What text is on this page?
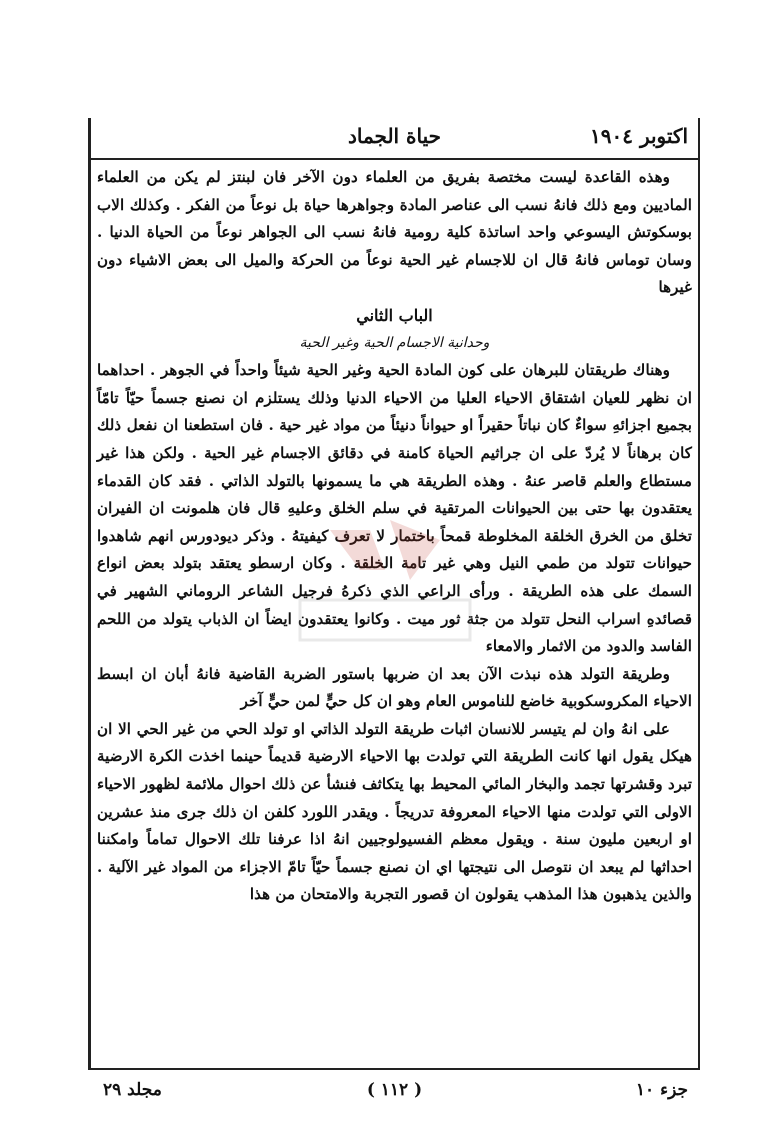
اكتوبر ١٩٠٤
حياة الجماد

وهذه القاعدة ليست مختصة بفريق من العلماء دون الآخر فان لبنتز لم يكن من العلماء الماديين ومع ذلك فانهُ نسب الى عناصر المادة وجواهرها حياة بل نوعاً من الفكر . وكذلك الاب بوسكوتش اليسوعي واحد اساتذة كلية رومية فانهُ نسب الى الجواهر نوعاً من الحياة الدنيا . وسان توماس فانهُ قال ان للاجسام غير الحية نوعاً من الحركة والميل الى بعض الاشياء دون غيرها

الباب الثاني

وحدانية الاجسام الحية وغير الحية

وهناك طريقتان للبرهان على كون المادة الحية وغير الحية شيئاً واحداً في الجوهر . احداهما ان نظهر للعيان اشتقاق الاحياء العليا من الاحياء الدنيا وذلك يستلزم ان نصنع جسماً حيّاً تامّاً بجميع اجزائهِ سواءٌ كان نباتاً حقيراً او حيواناً دنيئاً من مواد غير حية . فان استطعنا ان نفعل ذلك كان برهاناً لا يُردّ على ان جراثيم الحياة كامنة في دقائق الاجسام غير الحية . ولكن هذا غير مستطاع والعلم قاصر عنهُ . وهذه الطريقة هي ما يسمونها بالتولد الذاتي . فقد كان القدماء يعتقدون بها حتى بين الحيوانات المرتقية في سلم الخلق وعليهِ قال فان هلمونت ان الفيران تخلق من الخرق الخلقة المخلوطة قمحاً باختمار لا تعرف كيفيتهُ . وذكر ديودورس انهم شاهدوا حيوانات تتولد من طمي النيل وهي غير تامة الخلقة . وكان ارسطو يعتقد بتولد بعض انواع السمك على هذه الطريقة . ورأى الراعي الذي ذكرهُ فرجيل الشاعر الروماني الشهير في قصائدهِ اسراب النحل تتولد من جثة ثور ميت . وكانوا يعتقدون ايضاً ان الذباب يتولد من اللحم الفاسد والدود من الاثمار والامعاء

وطريقة التولد هذه نبذت الآن بعد ان ضربها باستور الضربة القاضية فانهُ أبان ان ابسط الاحياء المكروسكوبية خاضع للناموس العام وهو ان كل حيٍّ لمن حيٍّ آخر

على انهُ وان لم يتيسر للانسان اثبات طريقة التولد الذاتي او تولد الحي من غير الحي الا ان هيكل يقول انها كانت الطريقة التي تولدت بها الاحياء الارضية قديماً حينما اخذت الكرة الارضية تبرد وقشرتها تجمد والبخار المائي المحيط بها يتكاثف فنشأ عن ذلك احوال ملائمة لظهور الاحياء الاولى التي تولدت منها الاحياء المعروفة تدريجاً . ويقدر اللورد كلفن ان ذلك جرى منذ عشرين او اربعين مليون سنة . ويقول معظم الفسيولوجيين انهُ اذا عرفنا تلك الاحوال تماماً وامكننا احداثها لم يبعد ان نتوصل الى نتيجتها اي ان نصنع جسماً حيّاً تامّ الاجزاء من المواد غير الآلية . والذين يذهبون هذا المذهب يقولون ان قصور التجربة والامتحان من هذا

جزء ١٠
( ١١٢ )
مجلد ٢٩
